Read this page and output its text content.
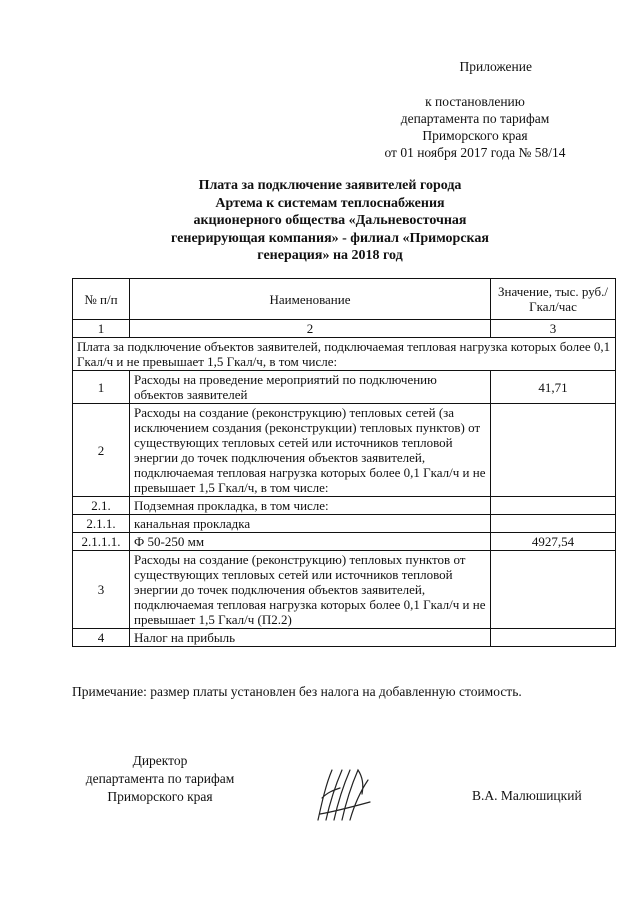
Приложение
к постановлению
департамента по тарифам
Приморского края
от 01 ноября 2017 года № 58/14
Плата за подключение заявителей города
Артема к системам теплоснабжения
акционерного общества «Дальневосточная
генерирующая компания» - филиал «Приморская
генерация» на 2018 год
№ п/п	Наименование	Значение, тыс. руб./Гкал/час
1	2	3
Плата за подключение объектов заявителей, подключаемая тепловая нагрузка которых более 0,1 Гкал/ч и не превышает 1,5 Гкал/ч, в том числе:		
1	Расходы на проведение мероприятий по подключению объектов заявителей	41,71
2	Расходы на создание (реконструкцию) тепловых сетей (за исключением создания (реконструкции) тепловых пунктов) от существующих тепловых сетей или источников тепловой энергии до точек подключения объектов заявителей, подключаемая тепловая нагрузка которых более 0,1 Гкал/ч и не превышает 1,5 Гкал/ч, в том числе:	
2.1.	Подземная прокладка, в том числе:	
2.1.1.	канальная прокладка	
2.1.1.1.	Ф 50-250 мм	4927,54
3	Расходы на создание (реконструкцию) тепловых пунктов от существующих тепловых сетей или источников тепловой энергии до точек подключения объектов заявителей, подключаемая тепловая нагрузка которых более 0,1 Гкал/ч и не превышает 1,5 Гкал/ч (П2.2)	
4	Налог на прибыль	
Примечание: размер платы установлен без налога на добавленную стоимость.
Директор
департамента по тарифам
Приморского края	В.А. Малюшицкий
